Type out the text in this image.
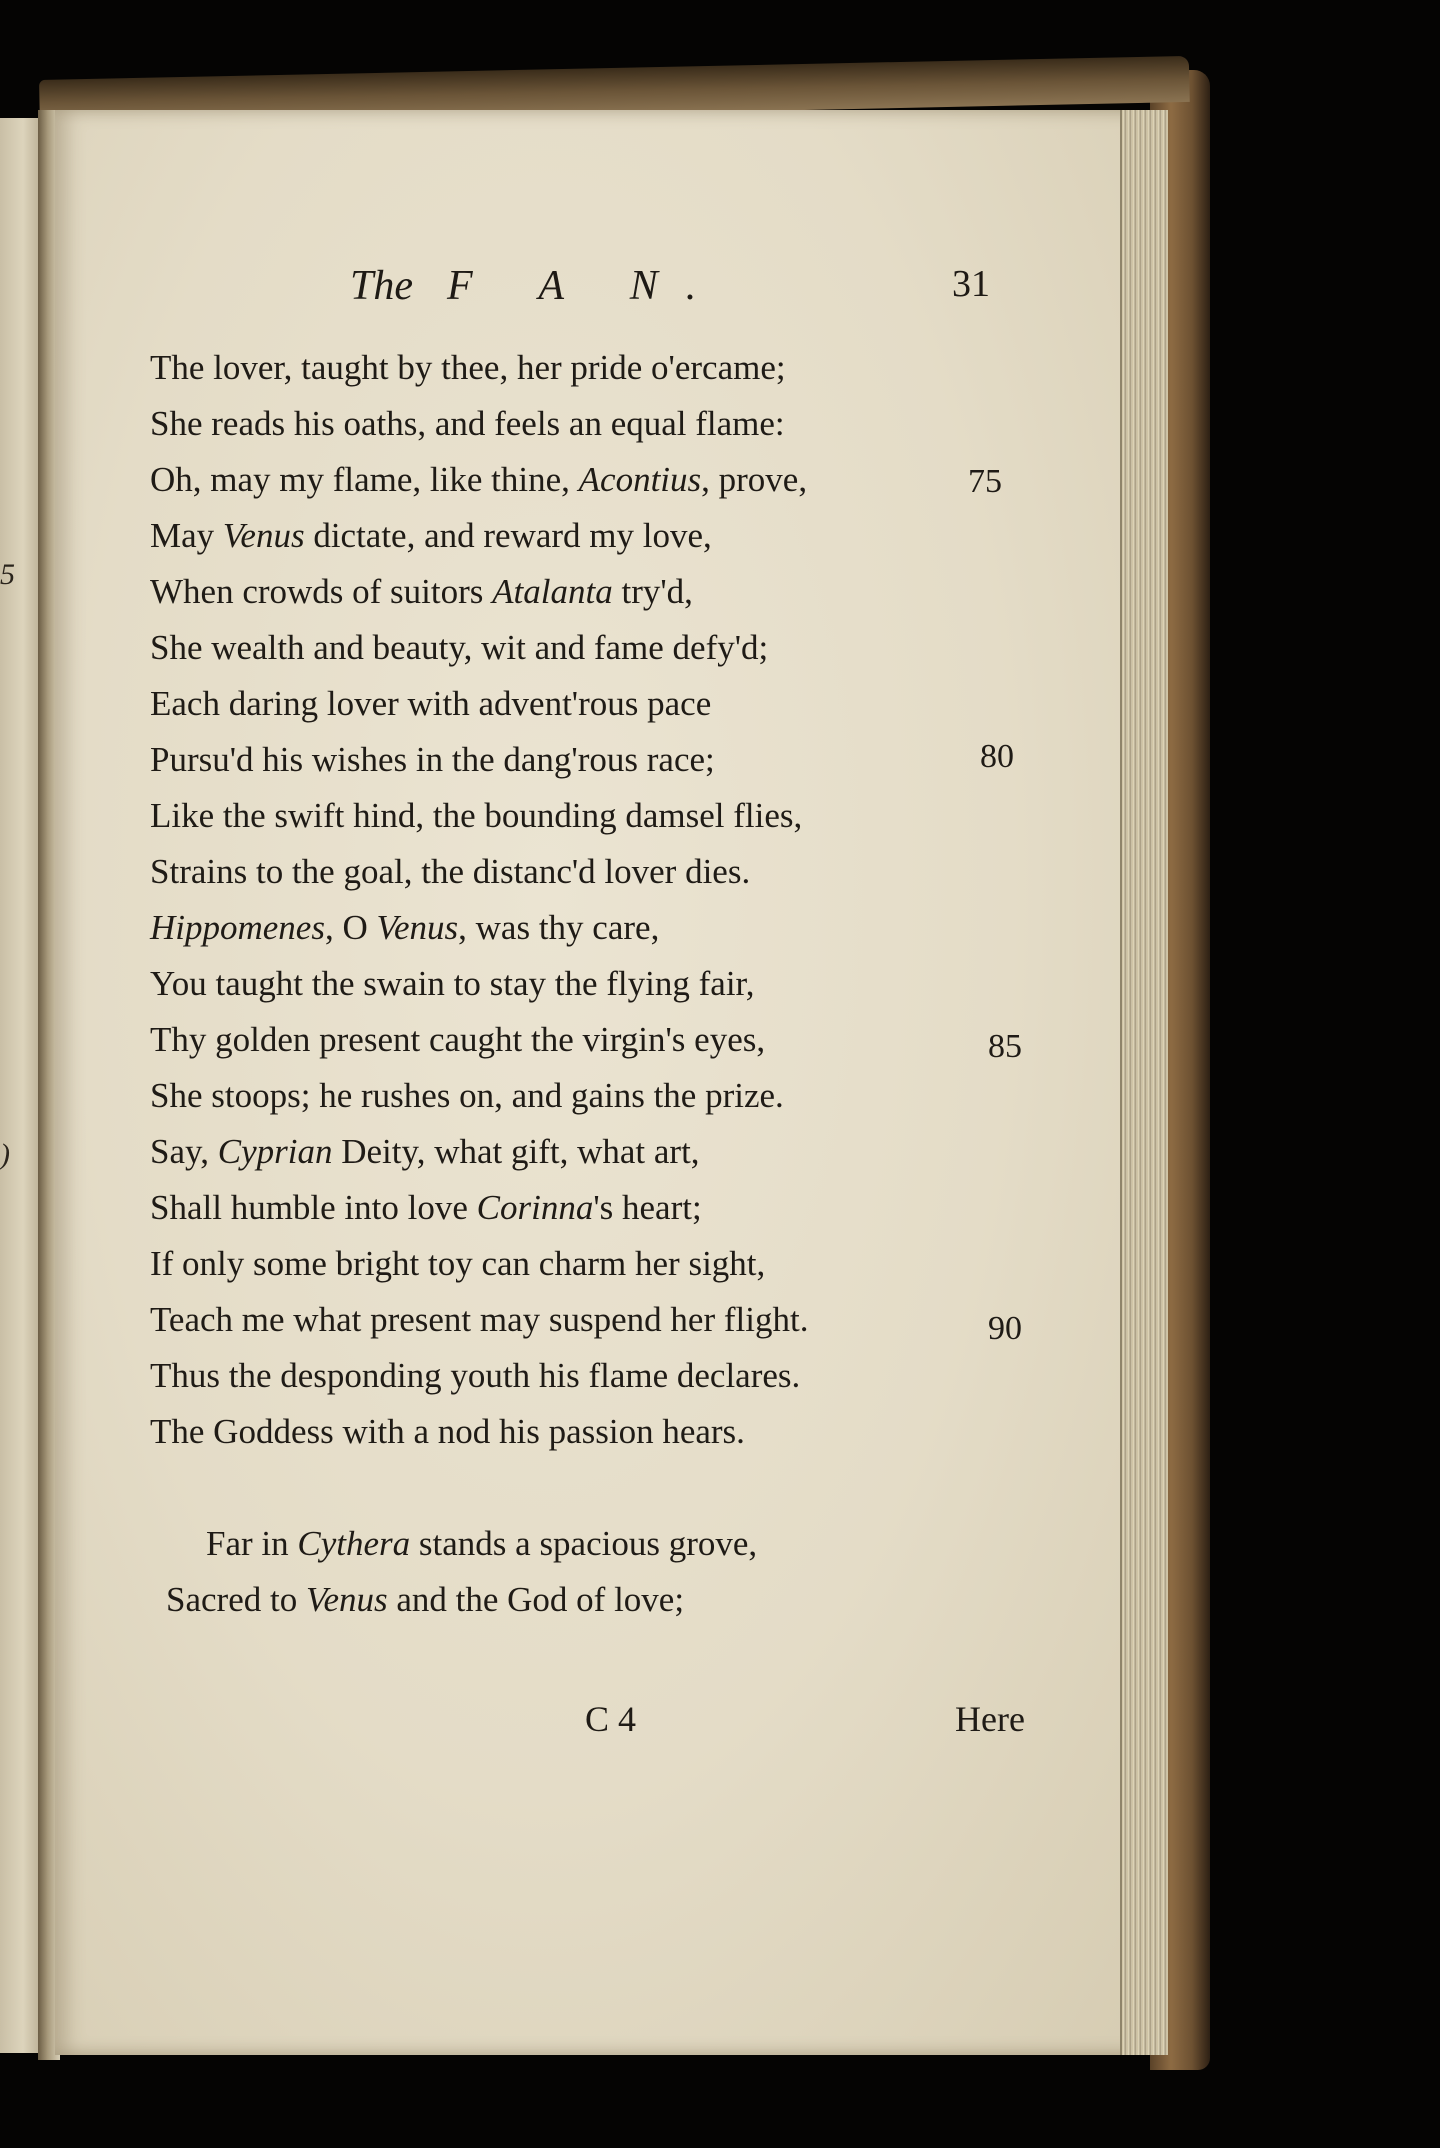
5
)
The F A N.	31
The lover, taught by thee, her pride o'ercame;
She reads his oaths, and feels an equal flame:
Oh, may my flame, like thine, Acontius, prove,
May Venus dictate, and reward my love,
When crowds of suitors Atalanta try'd,
She wealth and beauty, wit and fame defy'd;
Each daring lover with advent'rous pace
Pursu'd his wishes in the dang'rous race;
Like the swift hind, the bounding damsel flies,
Strains to the goal, the distanc'd lover dies.
Hippomenes, O Venus, was thy care,
You taught the swain to stay the flying fair,
Thy golden present caught the virgin's eyes,
She stoops; he rushes on, and gains the prize.
Say, Cyprian Deity, what gift, what art,
Shall humble into love Corinna's heart;
If only some bright toy can charm her sight,
Teach me what present may suspend her flight.
Thus the desponding youth his flame declares.
The Goddess with a nod his passion hears.
Far in Cythera stands a spacious grove,
Sacred to Venus and the God of love;
75
80
85
90
C 4	Here
